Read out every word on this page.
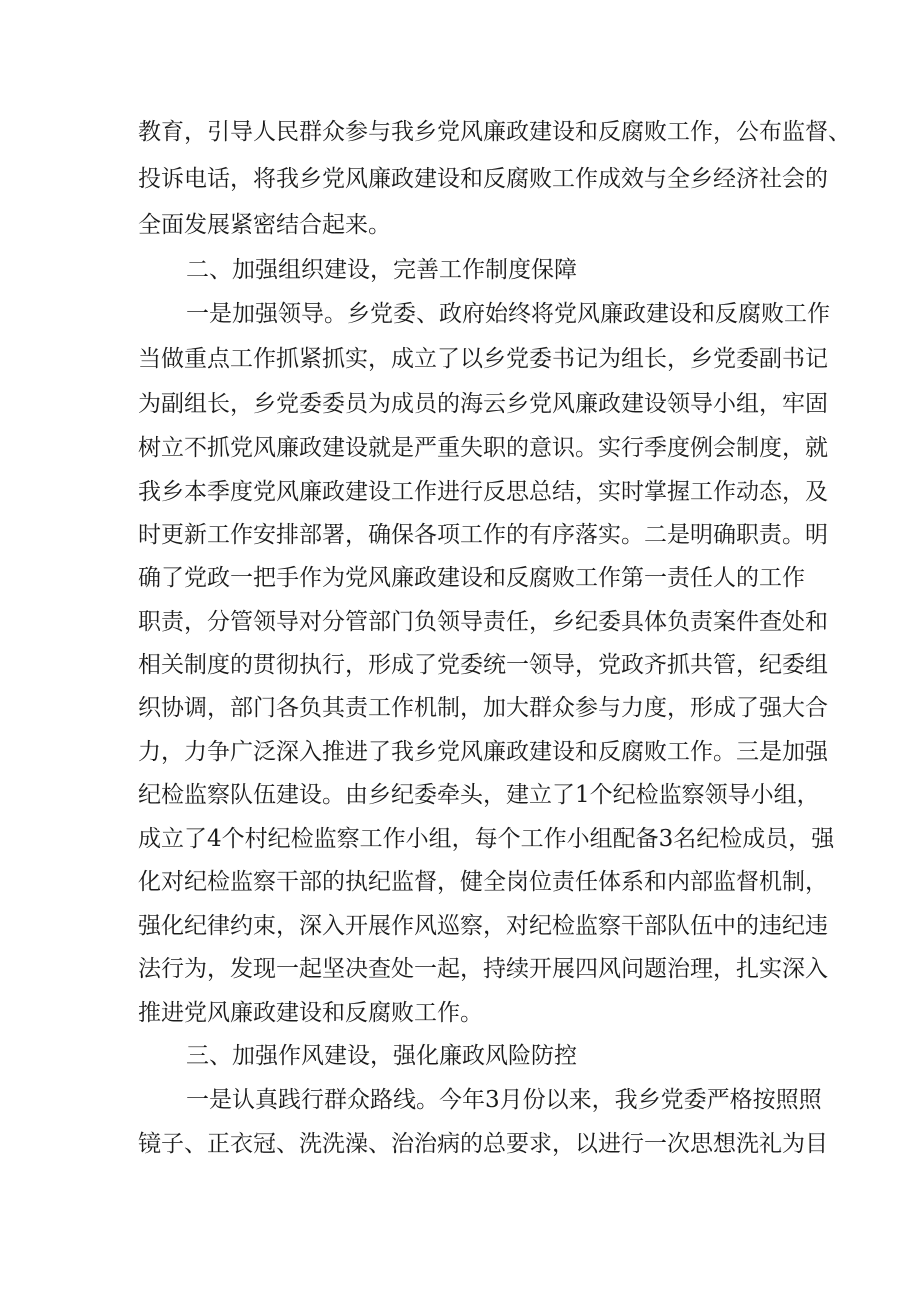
教育，引导人民群众参与我乡党风廉政建设和反腐败工作，公布监督、
投诉电话，将我乡党风廉政建设和反腐败工作成效与全乡经济社会的
全面发展紧密结合起来。
二、加强组织建设，完善工作制度保障
一是加强领导。乡党委、政府始终将党风廉政建设和反腐败工作
当做重点工作抓紧抓实，成立了以乡党委书记为组长，乡党委副书记
为副组长，乡党委委员为成员的海云乡党风廉政建设领导小组，牢固
树立不抓党风廉政建设就是严重失职的意识。实行季度例会制度，就
我乡本季度党风廉政建设工作进行反思总结，实时掌握工作动态，及
时更新工作安排部署，确保各项工作的有序落实。二是明确职责。明
确了党政一把手作为党风廉政建设和反腐败工作第一责任人的工作
职责，分管领导对分管部门负领导责任，乡纪委具体负责案件查处和
相关制度的贯彻执行，形成了党委统一领导，党政齐抓共管，纪委组
织协调，部门各负其责工作机制，加大群众参与力度，形成了强大合
力，力争广泛深入推进了我乡党风廉政建设和反腐败工作。三是加强
纪检监察队伍建设。由乡纪委牵头，建立了1个纪检监察领导小组，
成立了4个村纪检监察工作小组，每个工作小组配备3名纪检成员，强
化对纪检监察干部的执纪监督，健全岗位责任体系和内部监督机制，
强化纪律约束，深入开展作风巡察，对纪检监察干部队伍中的违纪违
法行为，发现一起坚决查处一起，持续开展四风问题治理，扎实深入
推进党风廉政建设和反腐败工作。
三、加强作风建设，强化廉政风险防控
一是认真践行群众路线。今年3月份以来，我乡党委严格按照照
镜子、正衣冠、洗洗澡、治治病的总要求，以进行一次思想洗礼为目
